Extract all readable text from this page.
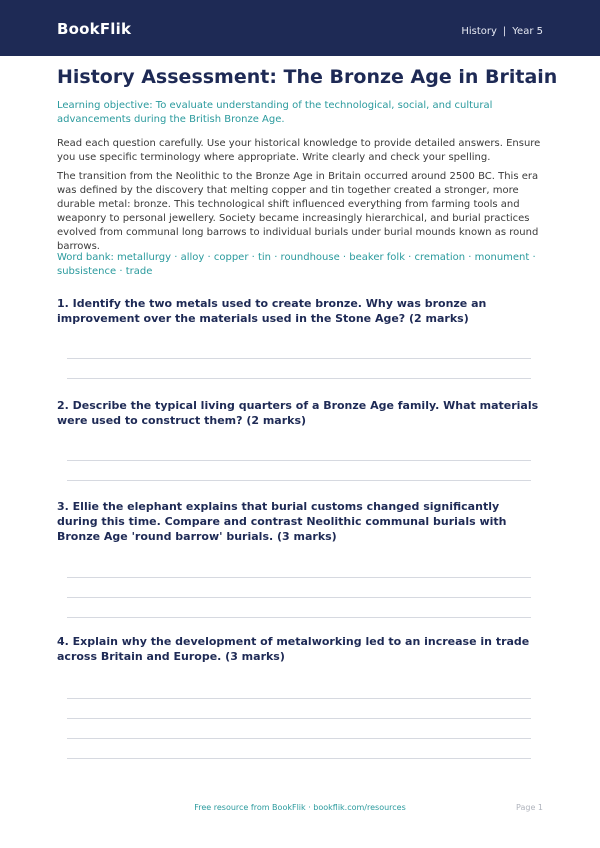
BookFlik	History | Year 5
History Assessment: The Bronze Age in Britain

Learning objective: To evaluate understanding of the technological, social, and cultural advancements during the British Bronze Age.

Read each question carefully. Use your historical knowledge to provide detailed answers. Ensure you use specific terminology where appropriate. Write clearly and check your spelling.

The transition from the Neolithic to the Bronze Age in Britain occurred around 2500 BC. This era was defined by the discovery that melting copper and tin together created a stronger, more durable metal: bronze. This technological shift influenced everything from farming tools and weaponry to personal jewellery. Society became increasingly hierarchical, and burial practices evolved from communal long barrows to individual burials under burial mounds known as round barrows.

Word bank: metallurgy · alloy · copper · tin · roundhouse · beaker folk · cremation · monument · subsistence · trade

1. Identify the two metals used to create bronze. Why was bronze an improvement over the materials used in the Stone Age? (2 marks)

2. Describe the typical living quarters of a Bronze Age family. What materials were used to construct them? (2 marks)

3. Ellie the elephant explains that burial customs changed significantly during this time. Compare and contrast Neolithic communal burials with Bronze Age 'round barrow' burials. (3 marks)

4. Explain why the development of metalworking led to an increase in trade across Britain and Europe. (3 marks)

Free resource from BookFlik · bookflik.com/resources	Page 1
